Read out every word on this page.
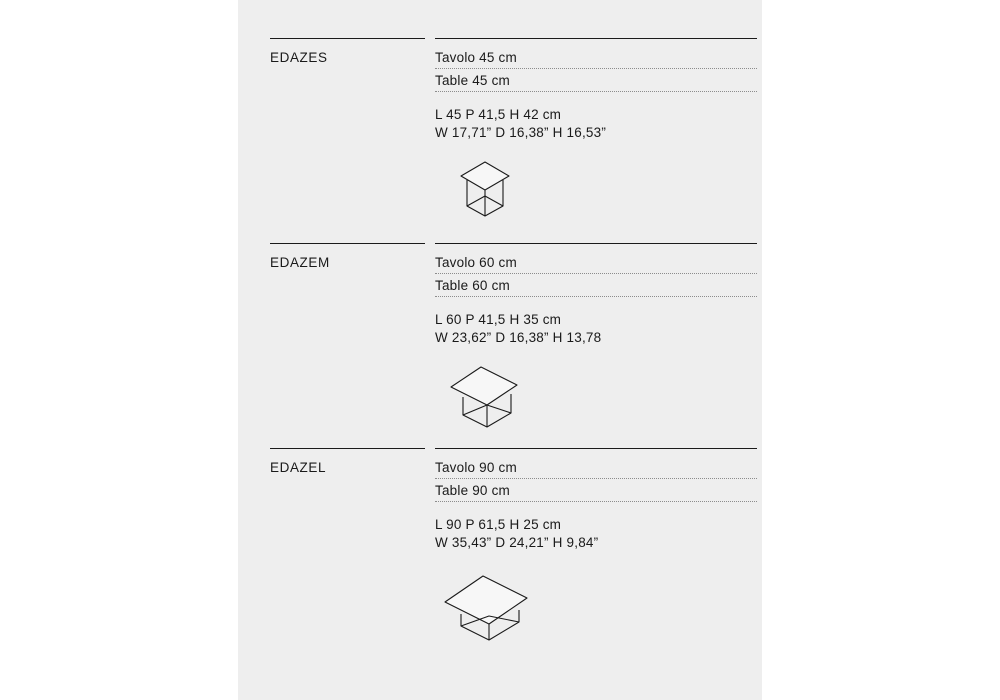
EDAZES	Tavolo 45 cm
Table 45 cm
L 45 P 41,5 H 42 cm
W 17,71” D 16,38” H 16,53”
EDAZEM	Tavolo 60 cm
Table 60 cm
L 60 P 41,5 H 35 cm
W 23,62” D 16,38” H 13,78
EDAZEL	Tavolo 90 cm
Table 90 cm
L 90 P 61,5 H 25 cm
W 35,43” D 24,21” H 9,84”
